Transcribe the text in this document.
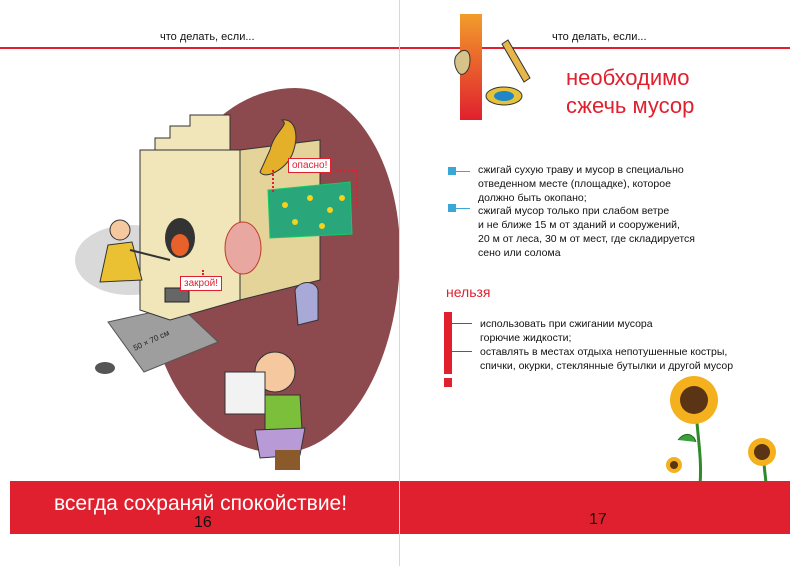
что делать, если...
опасно!
закрой!
50 × 70 см
всегда сохраняй спокойствие!
16
что делать, если...
необходимо
сжечь мусор
сжигай сухую траву и мусор в специально
отведенном месте (площадке), которое
должно быть окопано;
сжигай мусор только при слабом ветре
и не ближе 15 м от зданий и сооружений,
20 м от леса, 30 м от мест, где складируется
сено или солома
нельзя
использовать при сжигании мусора
горючие жидкости;
оставлять в местах отдыха непотушенные костры,
спички, окурки, стеклянные бутылки и другой мусор
17
